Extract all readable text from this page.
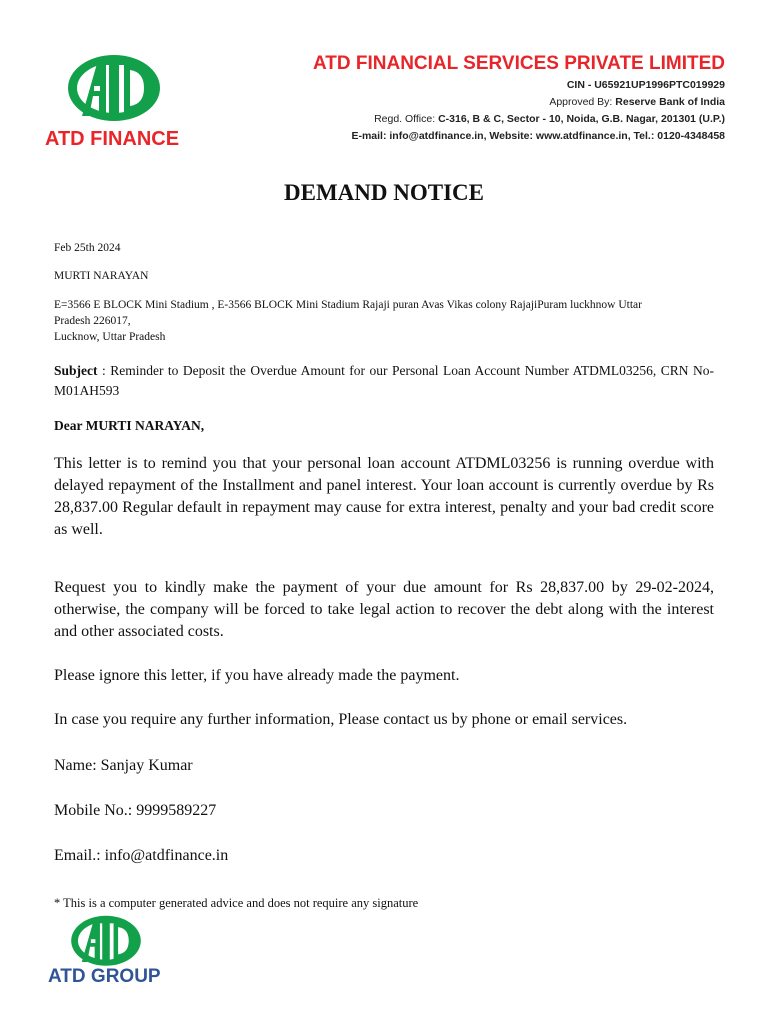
ATD FINANCE
ATD FINANCIAL SERVICES PRIVATE LIMITED
CIN - U65921UP1996PTC019929
Approved By: Reserve Bank of India
Regd. Office: C-316, B & C, Sector - 10, Noida, G.B. Nagar, 201301 (U.P.)
E-mail: info@atdfinance.in, Website: www.atdfinance.in, Tel.: 0120-4348458
DEMAND NOTICE
Feb 25th 2024
MURTI NARAYAN
E=3566 E BLOCK Mini Stadium , E-3566 BLOCK Mini Stadium Rajaji puran Avas Vikas colony RajajiPuram luckhnow Uttar
Pradesh 226017,
Lucknow, Uttar Pradesh
Subject : Reminder to Deposit the Overdue Amount for our Personal Loan Account Number ATDML03256, CRN No- M01AH593
Dear MURTI NARAYAN,
This letter is to remind you that your personal loan account ATDML03256 is running overdue with delayed repayment of the Installment and panel interest. Your loan account is currently overdue by Rs 28,837.00 Regular default in repayment may cause for extra interest, penalty and your bad credit score as well.
Request you to kindly make the payment of your due amount for Rs 28,837.00 by 29-02-2024, otherwise, the company will be forced to take legal action to recover the debt along with the interest and other associated costs.
Please ignore this letter, if you have already made the payment.
In case you require any further information, Please contact us by phone or email services.
Name: Sanjay Kumar
Mobile No.: 9999589227
Email.: info@atdfinance.in
* This is a computer generated advice and does not require any signature
ATD GROUP
